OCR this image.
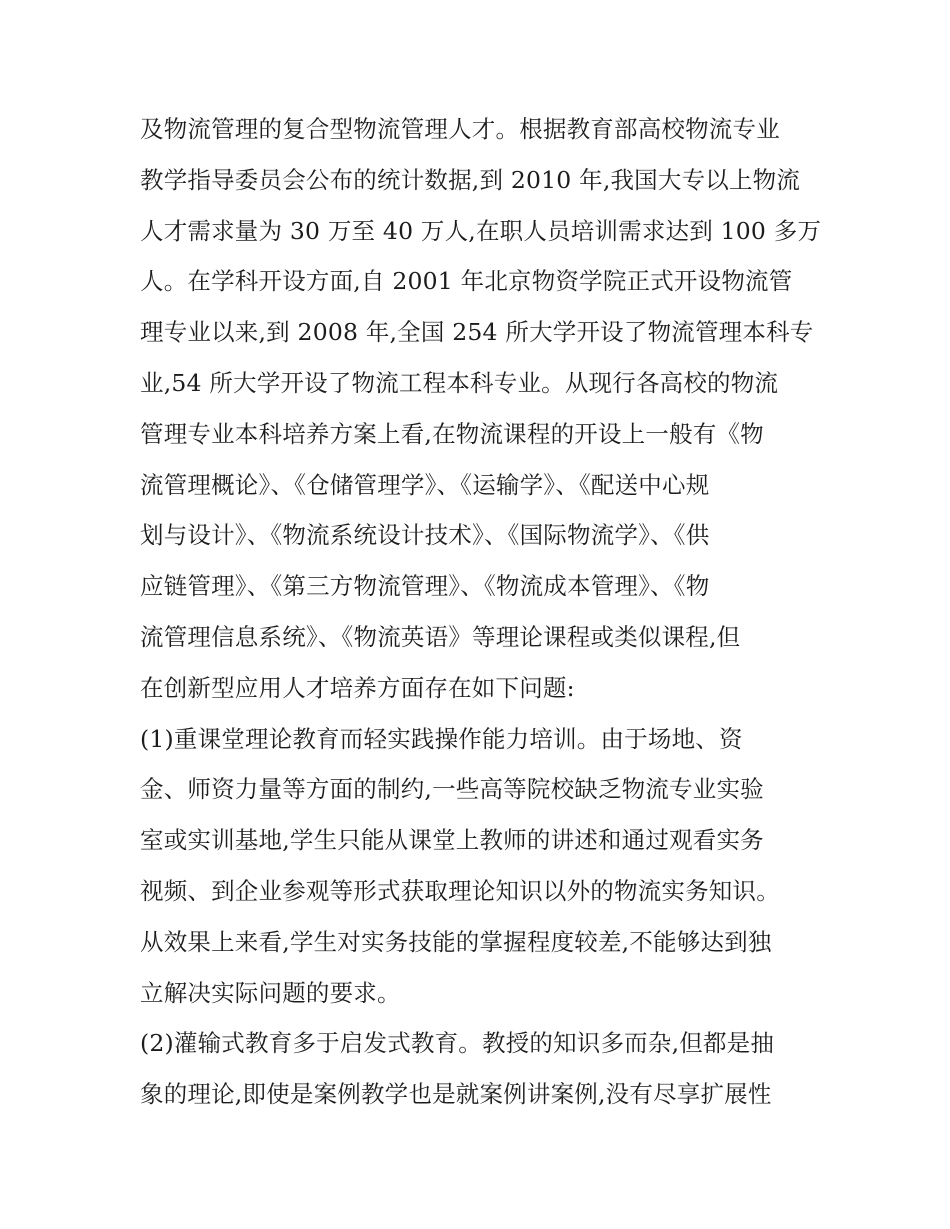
及物流管理的复合型物流管理人才。根据教育部高校物流专业
教学指导委员会公布的统计数据,到 2010 年,我国大专以上物流
人才需求量为 30 万至 40 万人,在职人员培训需求达到 100 多万
人。在学科开设方面,自 2001 年北京物资学院正式开设物流管
理专业以来,到 2008 年,全国 254 所大学开设了物流管理本科专
业,54 所大学开设了物流工程本科专业。从现行各高校的物流
管理专业本科培养方案上看,在物流课程的开设上一般有《物
流管理概论》、《仓储管理学》、《运输学》、《配送中心规
划与设计》、《物流系统设计技术》、《国际物流学》、《供
应链管理》、《第三方物流管理》、《物流成本管理》、《物
流管理信息系统》、《物流英语》等理论课程或类似课程,但
在创新型应用人才培养方面存在如下问题:
(1)重课堂理论教育而轻实践操作能力培训。由于场地、资
金、师资力量等方面的制约,一些高等院校缺乏物流专业实验
室或实训基地,学生只能从课堂上教师的讲述和通过观看实务
视频、到企业参观等形式获取理论知识以外的物流实务知识。
从效果上来看,学生对实务技能的掌握程度较差,不能够达到独
立解决实际问题的要求。
(2)灌输式教育多于启发式教育。教授的知识多而杂,但都是抽
象的理论,即使是案例教学也是就案例讲案例,没有尽享扩展性
